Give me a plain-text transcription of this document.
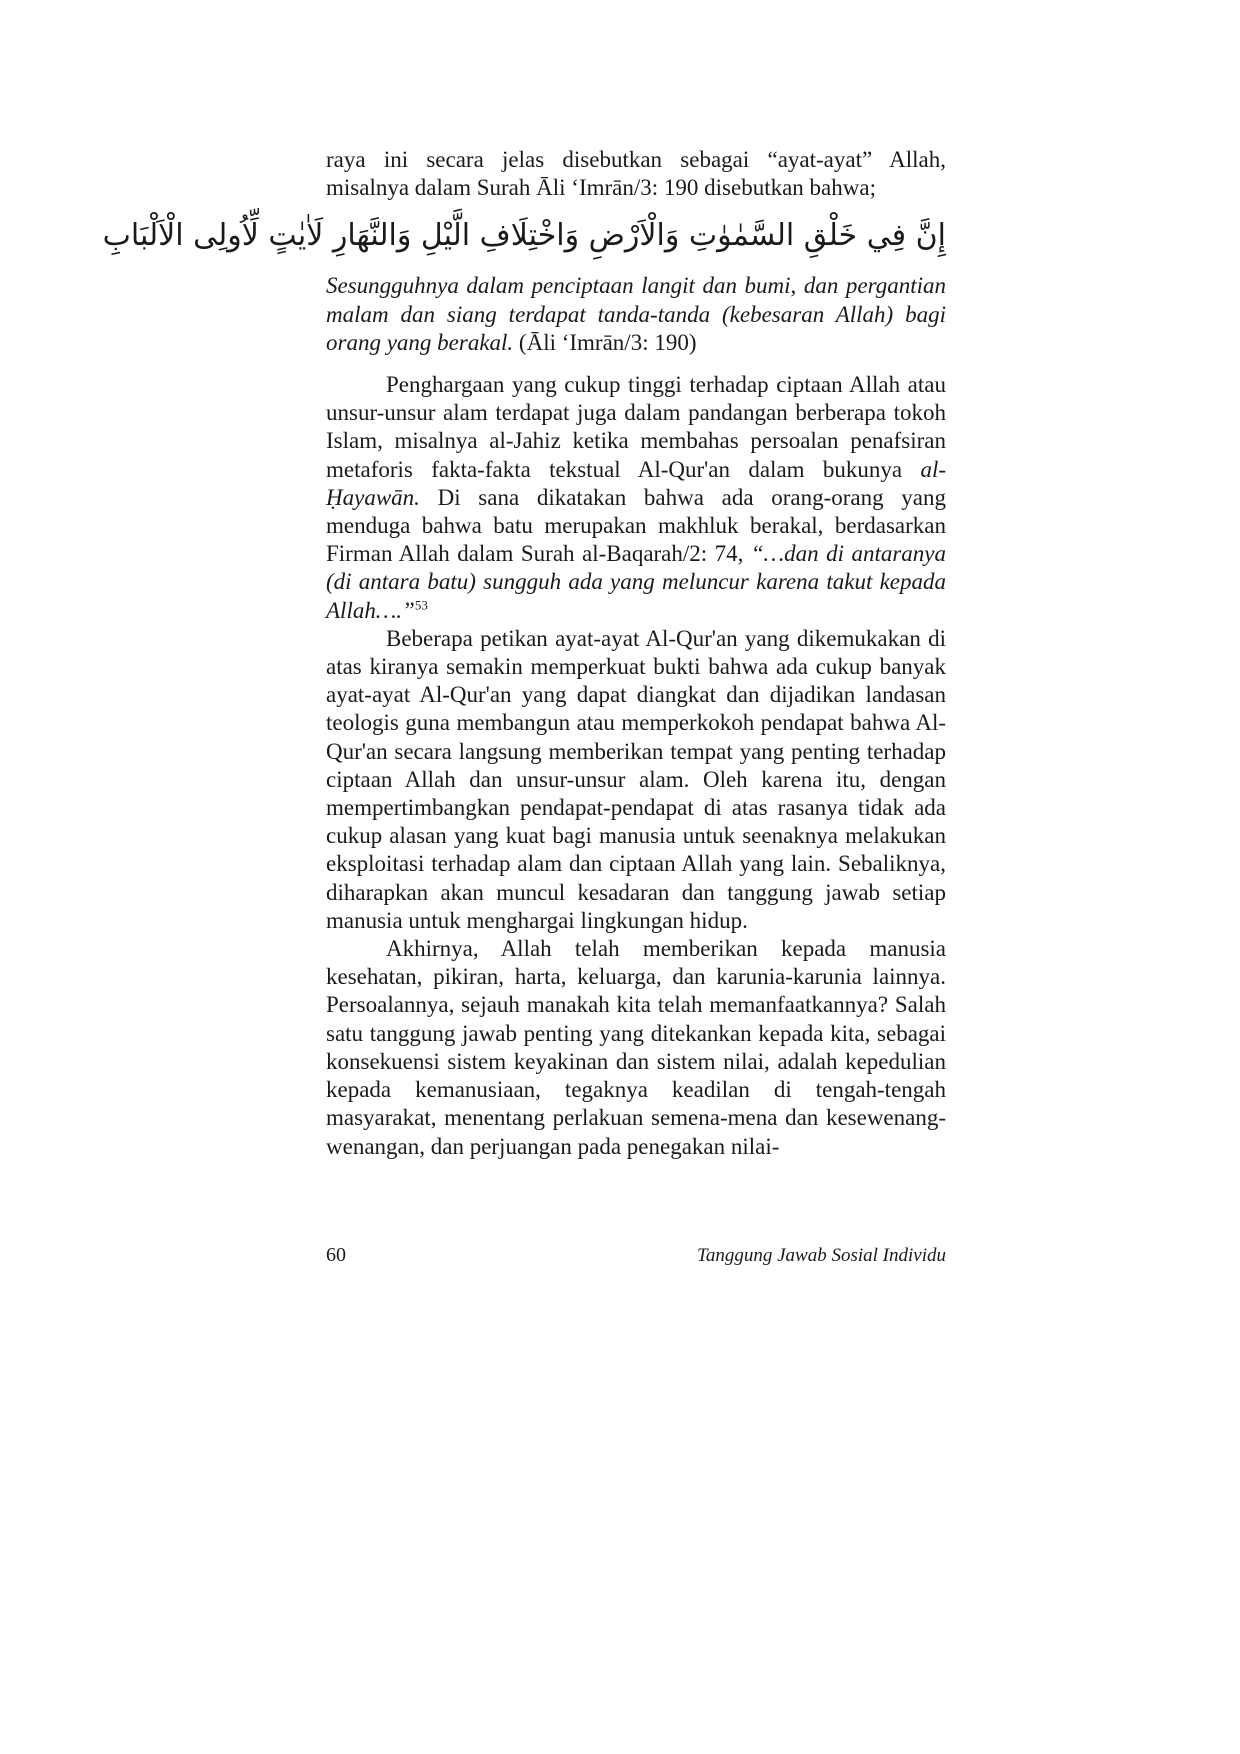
raya ini secara jelas disebutkan sebagai “ayat-ayat” Allah, misalnya dalam Surah Āli ‘Imrān/3: 190 disebutkan bahwa;

إِنَّ فِي خَلْقِ السَّمٰوٰتِ وَالْاَرْضِ وَاخْتِلَافِ الَّيْلِ وَالنَّهَارِ لَاٰيٰتٍ لِّاُولِى الْاَلْبَابِ

Sesungguhnya dalam penciptaan langit dan bumi, dan pergantian malam dan siang terdapat tanda-tanda (kebesaran Allah) bagi orang yang berakal. (Āli ‘Imrān/3: 190)

Penghargaan yang cukup tinggi terhadap ciptaan Allah atau unsur-unsur alam terdapat juga dalam pandangan berberapa tokoh Islam, misalnya al-Jahiz ketika membahas persoalan penafsiran metaforis fakta-fakta tekstual Al-Qur'an dalam bukunya al-Ḥayawān. Di sana dikatakan bahwa ada orang-orang yang menduga bahwa batu merupakan makhluk berakal, berdasarkan Firman Allah dalam Surah al-Baqarah/2: 74, “…dan di antaranya (di antara batu) sungguh ada yang meluncur karena takut kepada Allah….”$^{53}$

Beberapa petikan ayat-ayat Al-Qur'an yang dikemukakan di atas kiranya semakin memperkuat bukti bahwa ada cukup banyak ayat-ayat Al-Qur'an yang dapat diangkat dan dijadikan landasan teologis guna membangun atau memperkokoh pendapat bahwa Al-Qur'an secara langsung memberikan tempat yang penting terhadap ciptaan Allah dan unsur-unsur alam. Oleh karena itu, dengan mempertimbangkan pendapat-pendapat di atas rasanya tidak ada cukup alasan yang kuat bagi manusia untuk seenaknya melakukan eksploitasi terhadap alam dan ciptaan Allah yang lain. Sebaliknya, diharapkan akan muncul kesadaran dan tanggung jawab setiap manusia untuk menghargai lingkungan hidup.

Akhirnya, Allah telah memberikan kepada manusia kesehatan, pikiran, harta, keluarga, dan karunia-karunia lainnya. Persoalannya, sejauh manakah kita telah memanfaatkannya? Salah satu tanggung jawab penting yang ditekankan kepada kita, sebagai konsekuensi sistem keyakinan dan sistem nilai, adalah kepedulian kepada kemanusiaan, tegaknya keadilan di tengah-tengah masyarakat, menentang perlakuan semena-mena dan kesewenang-wenangan, dan perjuangan pada penegakan nilai-

60	Tanggung Jawab Sosial Individu
